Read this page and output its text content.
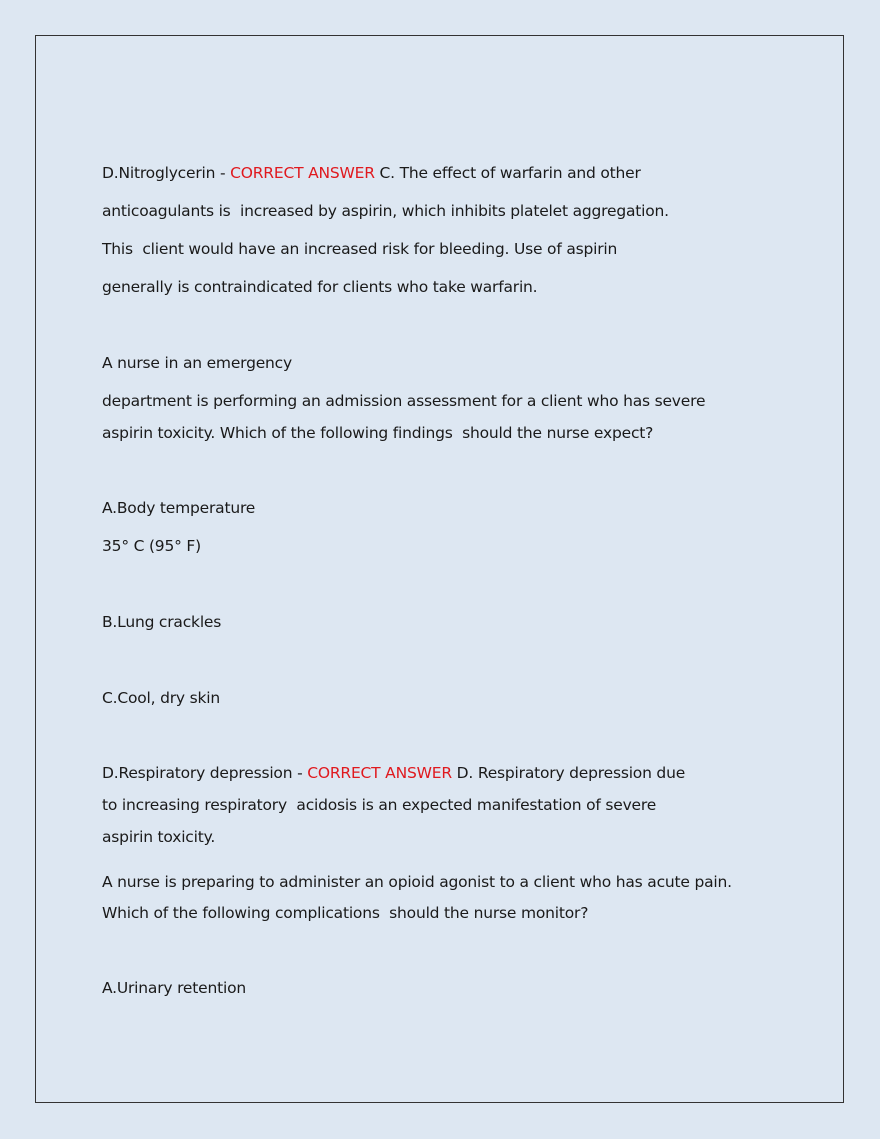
D.Nitroglycerin - CORRECT ANSWER C. The effect of warfarin and other
anticoagulants is  increased by aspirin, which inhibits platelet aggregation.
This  client would have an increased risk for bleeding. Use of aspirin
generally is contraindicated for clients who take warfarin.
A nurse in an emergency
department is performing an admission assessment for a client who has severe
aspirin toxicity. Which of the following findings  should the nurse expect?
A.Body temperature
35° C (95° F)
B.Lung crackles
C.Cool, dry skin
D.Respiratory depression - CORRECT ANSWER D. Respiratory depression due
to increasing respiratory  acidosis is an expected manifestation of severe
aspirin toxicity.
A nurse is preparing to administer an opioid agonist to a client who has acute pain.
Which of the following complications  should the nurse monitor?
A.Urinary retention
